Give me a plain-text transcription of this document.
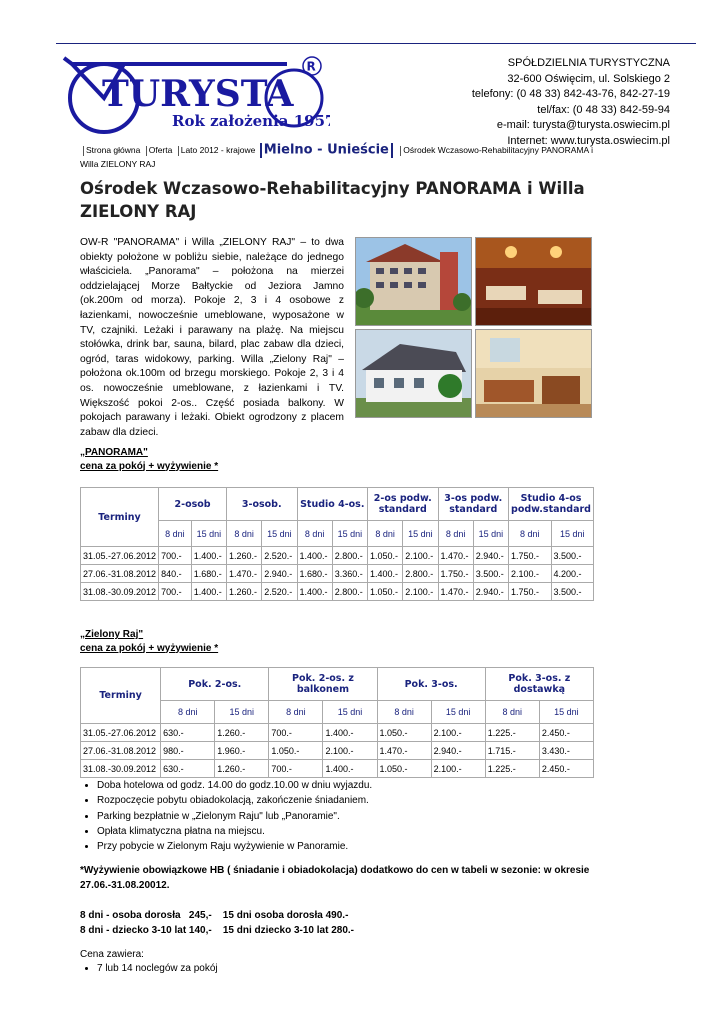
TURYSTA
Rok założenia 1957
R	SPÓŁDZIELNIA TURYSTYCZNA
32-600 Oświęcim, ul. Solskiego 2
telefony: (0 48 33) 842-43-76, 842-27-19
tel/fax: (0 48 33) 842-59-94
e-mail: turysta@turysta.oswiecim.pl
Internet: www.turysta.oswiecim.pl
Strona główna Oferta Lato 2012 - krajowe Mielno - Unieście Ośrodek Wczasowo-Rehabilitacyjny PANORAMA i Willa ZIELONY RAJ
Ośrodek Wczasowo-Rehabilitacyjny PANORAMA i Willa ZIELONY RAJ
OW-R "PANORAMA" i Willa „ZIELONY RAJ" – to dwa obiekty położone w pobliżu siebie, należące do jednego właściciela. „Panorama" – położona na mierzei oddzielającej Morze Bałtyckie od Jeziora Jamno (ok.200m od morza). Pokoje 2, 3 i 4 osobowe z łazienkami, nowocześnie umeblowane, wyposażone w TV, czajniki. Leżaki i parawany na plażę. Na miejscu stołówka, drink bar, sauna, bilard, plac zabaw dla dzieci, ogród, taras widokowy, parking. Willa „Zielony Raj" – położona ok.100m od brzegu morskiego. Pokoje 2, 3 i 4 os. nowocześnie umeblowane, z łazienkami i TV. Większość pokoi 2-os.. Część posiada balkony. W pokojach parawany i leżaki. Obiekt ogrodzony z placem zabaw dla dzieci.
„PANORAMA"
cena za pokój + wyżywienie *
Terminy	2-osob		3-osob.		Studio 4-os.		2-os podw. standard		3-os podw. standard		Studio 4-os podw.standard	
	8 dni	15 dni	8 dni	15 dni	8 dni	15 dni	8 dni	15 dni	8 dni	15 dni	8 dni	15 dni
31.05.-27.06.2012	700.-	1.400.-	1.260.-	2.520.-	1.400.-	2.800.-	1.050.-	2.100.-	1.470.-	2.940.-	1.750.-	3.500.-
27.06.-31.08.2012	840.-	1.680.-	1.470.-	2.940.-	1.680.-	3.360.-	1.400.-	2.800.-	1.750.-	3.500.-	2.100.-	4.200.-
31.08.-30.09.2012	700.-	1.400.-	1.260.-	2.520.-	1.400.-	2.800.-	1.050.-	2.100.-	1.470.-	2.940.-	1.750.-	3.500.-
„Zielony Raj"
cena za pokój + wyżywienie *
Terminy	Pok. 2-os.		Pok. 2-os. z balkonem		Pok. 3-os.		Pok. 3-os. z dostawką	
	8 dni	15 dni	8 dni	15 dni	8 dni	15 dni	8 dni	15 dni
31.05.-27.06.2012	630.-	1.260.-	700.-	1.400.-	1.050.-	2.100.-	1.225.-	2.450.-
27.06.-31.08.2012	980.-	1.960.-	1.050.-	2.100.-	1.470.-	2.940.-	1.715.-	3.430.-
31.08.-30.09.2012	630.-	1.260.-	700.-	1.400.-	1.050.-	2.100.-	1.225.-	2.450.-
• Doba hotelowa od godz. 14.00 do godz.10.00 w dniu wyjazdu.
• Rozpoczęcie pobytu obiadokolacją, zakończenie śniadaniem.
• Parking bezpłatnie w „Zielonym Raju" lub „Panoramie".
• Opłata klimatyczna płatna na miejscu.
• Przy pobycie w Zielonym Raju wyżywienie w Panoramie.
*Wyżywienie obowiązkowe HB ( śniadanie i obiadokolacja) dodatkowo do cen w tabeli w sezonie: w okresie 27.06.-31.08.20012.
8 dni - osoba dorosła   245,-    15 dni osoba dorosła 490.-
8 dni - dziecko 3-10 lat 140,-    15 dni dziecko 3-10 lat 280.-
Cena zawiera:
• 7 lub 14 noclegów za pokój
